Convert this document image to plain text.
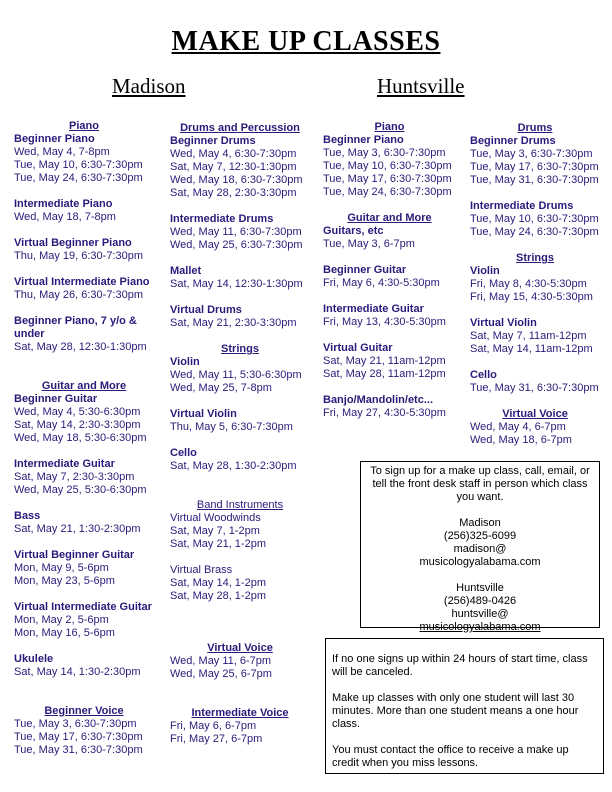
MAKE UP CLASSES
Madison	Huntsville
Piano
Beginner Piano
Wed, May 4, 7-8pm
Tue, May 10, 6:30-7:30pm
Tue, May 24, 6:30-7:30pm
Intermediate Piano
Wed, May 18, 7-8pm
Virtual Beginner Piano
Thu, May 19, 6:30-7:30pm
Virtual Intermediate Piano
Thu, May 26, 6:30-7:30pm
Beginner Piano, 7 y/o & under
Sat, May 28, 12:30-1:30pm
Guitar and More
Beginner Guitar
Wed, May 4, 5:30-6:30pm
Sat, May 14, 2:30-3:30pm
Wed, May 18, 5:30-6:30pm
Intermediate Guitar
Sat, May 7, 2:30-3:30pm
Wed, May 25, 5:30-6:30pm
Bass
Sat, May 21, 1:30-2:30pm
Virtual Beginner Guitar
Mon, May 9, 5-6pm
Mon, May 23, 5-6pm
Virtual Intermediate Guitar
Mon, May 2, 5-6pm
Mon, May 16, 5-6pm
Ukulele
Sat, May 14, 1:30-2:30pm
Beginner Voice
Tue, May 3, 6:30-7:30pm
Tue, May 17, 6:30-7:30pm
Tue, May 31, 6:30-7:30pm
Drums and Percussion
Beginner Drums
Wed, May 4, 6:30-7:30pm
Sat, May 7, 12:30-1:30pm
Wed, May 18, 6:30-7:30pm
Sat, May 28, 2:30-3:30pm
Intermediate Drums
Wed, May 11, 6:30-7:30pm
Wed, May 25, 6:30-7:30pm
Mallet
Sat, May 14, 12:30-1:30pm
Virtual Drums
Sat, May 21, 2:30-3:30pm
Strings
Violin
Wed, May 11, 5:30-6:30pm
Wed, May 25, 7-8pm
Virtual Violin
Thu, May 5, 6:30-7:30pm
Cello
Sat, May 28, 1:30-2:30pm
Band Instruments
Virtual Woodwinds
Sat, May 7, 1-2pm
Sat, May 21, 1-2pm
Virtual Brass
Sat, May 14, 1-2pm
Sat, May 28, 1-2pm
Virtual Voice
Wed, May 11, 6-7pm
Wed, May 25, 6-7pm
Intermediate Voice
Fri, May 6, 6-7pm
Fri, May 27, 6-7pm
Piano
Beginner Piano
Tue, May 3, 6:30-7:30pm
Tue, May 10, 6:30-7:30pm
Tue, May 17, 6:30-7:30pm
Tue, May 24, 6:30-7:30pm
Guitar and More
Guitars, etc
Tue, May 3, 6-7pm
Beginner Guitar
Fri, May 6, 4:30-5:30pm
Intermediate Guitar
Fri, May 13, 4:30-5:30pm
Virtual Guitar
Sat, May 21, 11am-12pm
Sat, May 28, 11am-12pm
Banjo/Mandolin/etc...
Fri, May 27, 4:30-5:30pm
Drums
Beginner Drums
Tue, May 3, 6:30-7:30pm
Tue, May 17, 6:30-7:30pm
Tue, May 31, 6:30-7:30pm
Intermediate Drums
Tue, May 10, 6:30-7:30pm
Tue, May 24, 6:30-7:30pm
Strings
Violin
Fri, May 8, 4:30-5:30pm
Fri, May 15, 4:30-5:30pm
Virtual Violin
Sat, May 7, 11am-12pm
Sat, May 14, 11am-12pm
Cello
Tue, May 31, 6:30-7:30pm
Virtual Voice
Wed, May 4, 6-7pm
Wed, May 18, 6-7pm

To sign up for a make up class, call, email, or tell the front desk staff in person which class you want.

Madison

(256)325-6099

madison@

musicologyalabama.com

Huntsville

(256)489-0426

huntsville@

musicologyalabama.com

If no one signs up within 24 hours of start time, class will be canceled.

Make up classes with only one student will last 30 minutes. More than one student means a one hour class.

You must contact the office to receive a make up credit when you miss lessons.
